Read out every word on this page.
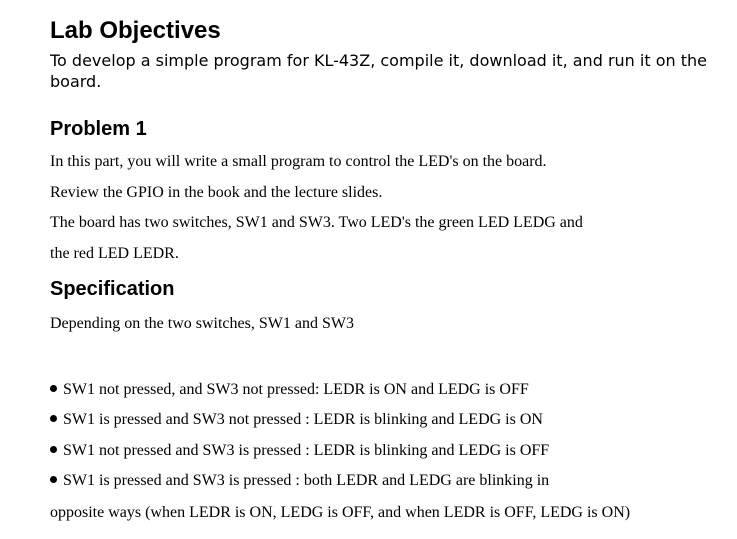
Lab Objectives

To develop a simple program for KL-43Z, compile it, download it, and run it on the board.

Problem 1

In this part, you will write a small program to control the LED's on the board.

Review the GPIO in the book and the lecture slides.

The board has two switches, SW1 and SW3. Two LED's the green LED LEDG and

the red LED LEDR.

Specification

Depending on the two switches, SW1 and SW3

SW1 not pressed, and SW3 not pressed: LEDR is ON and LEDG is OFF

SW1 is pressed and SW3 not pressed : LEDR is blinking and LEDG is ON

SW1 not pressed and SW3 is pressed : LEDR is blinking and LEDG is OFF

SW1 is pressed and SW3 is pressed : both LEDR and LEDG are blinking in

opposite ways (when LEDR is ON, LEDG is OFF, and when LEDR is OFF, LEDG is ON)
